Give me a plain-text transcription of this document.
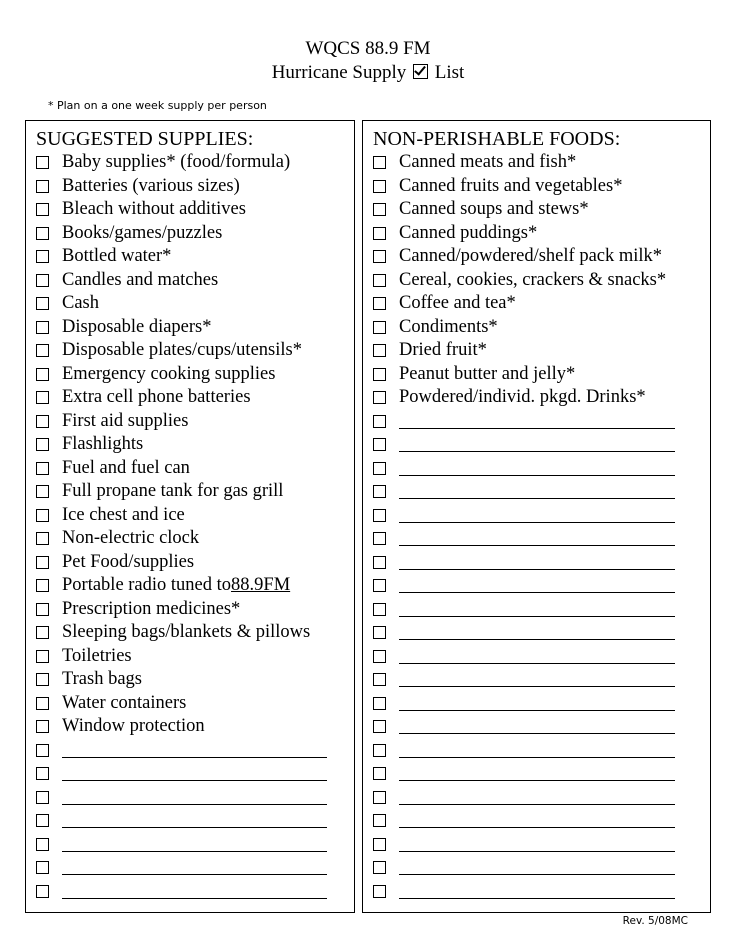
WQCS 88.9 FM
Hurricane Supply List
* Plan on a one week supply per person
SUGGESTED SUPPLIES:
Baby supplies* (food/formula)
Batteries (various sizes)
Bleach without additives
Books/games/puzzles
Bottled water*
Candles and matches
Cash
Disposable diapers*
Disposable plates/cups/utensils*
Emergency cooking supplies
Extra cell phone batteries
First aid supplies
Flashlights
Fuel and fuel can
Full propane tank for gas grill
Ice chest and ice
Non-electric clock
Pet Food/supplies
Portable radio tuned to 88.9FM
Prescription medicines*
Sleeping bags/blankets & pillows
Toiletries
Trash bags
Water containers
Window protection
NON-PERISHABLE FOODS:
Canned meats and fish*
Canned fruits and vegetables*
Canned soups and stews*
Canned puddings*
Canned/powdered/shelf pack milk*
Cereal, cookies, crackers & snacks*
Coffee and tea*
Condiments*
Dried fruit*
Peanut butter and jelly*
Powdered/individ. pkgd. Drinks*
Rev. 5/08MC
